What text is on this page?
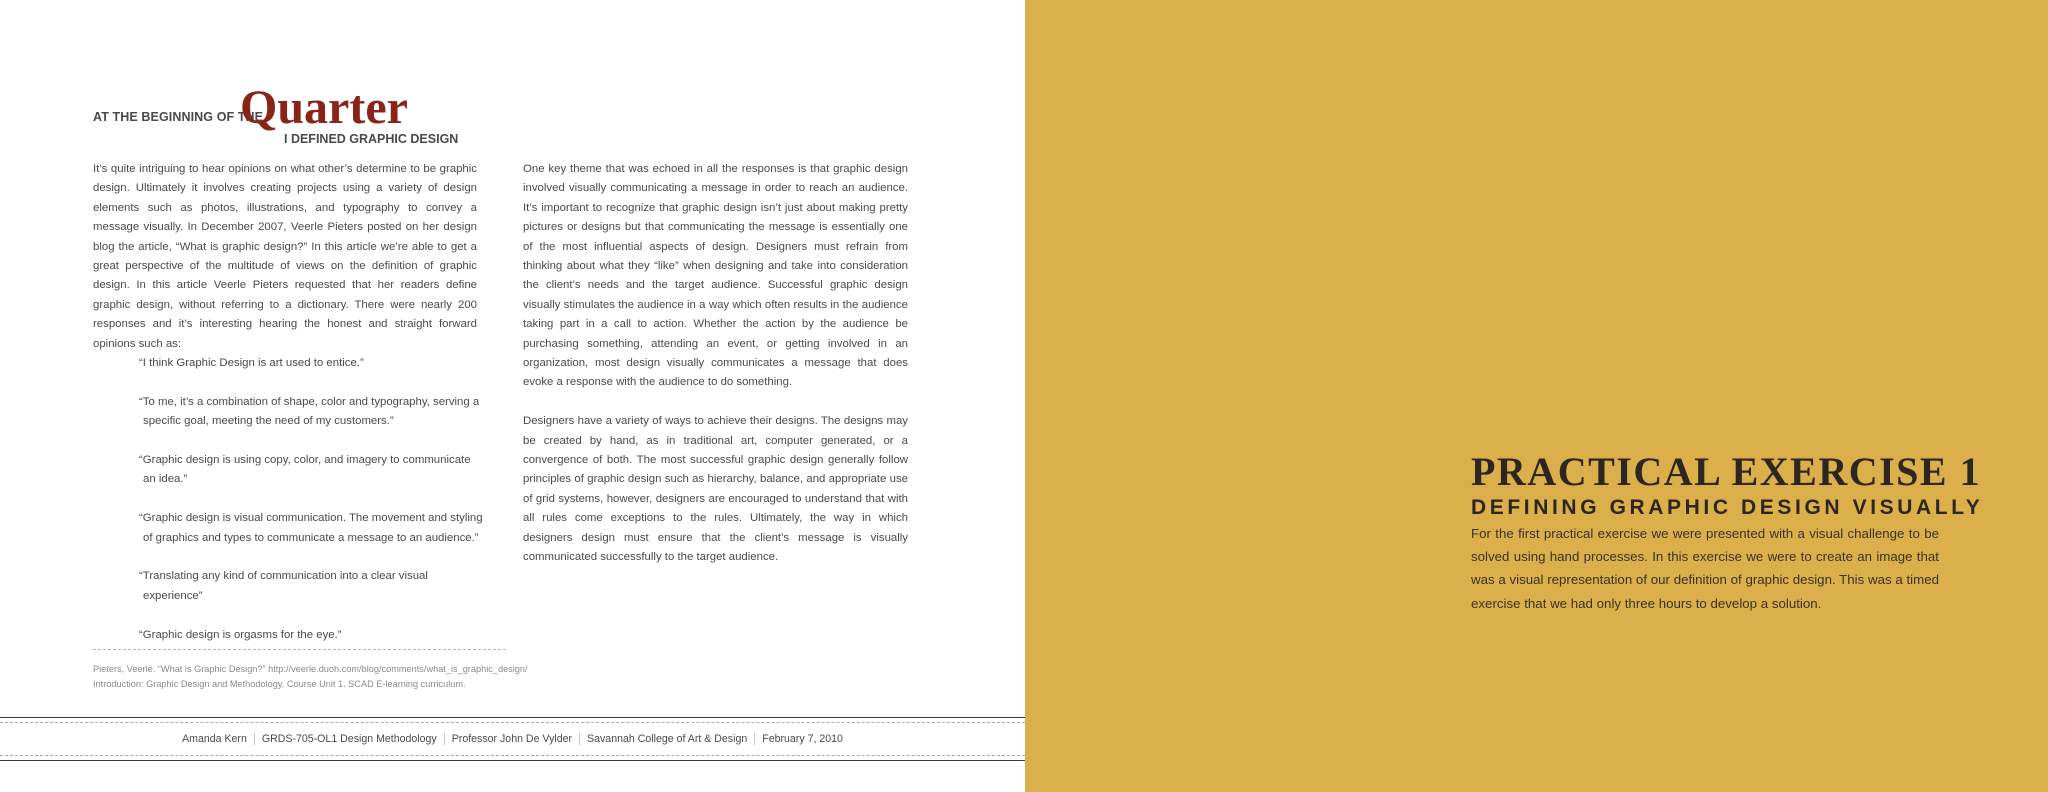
AT THE BEGINNING OF THE
Quarter
I DEFINED GRAPHIC DESIGN

It’s quite intriguing to hear opinions on what other’s determine to be graphic design. Ultimately it involves creating projects using a variety of design elements such as photos, illustrations, and typography to convey a message visually. In December 2007, Veerle Pieters posted on her design blog the article, “What is graphic design?” In this article we’re able to get a great perspective of the multitude of views on the definition of graphic design. In this article Veerle Pieters requested that her readers define graphic design, without referring to a dictionary. There were nearly 200 responses and it’s interesting hearing the honest and straight forward opinions such as:

“I think Graphic Design is art used to entice.”

“To me, it’s a combination of shape, color and typography, serving a specific goal, meeting the need of my customers.”

“Graphic design is using copy, color, and imagery to communicate an idea.”

“Graphic design is visual communication. The movement and styling of graphics and types to communicate a message to an audience.”

“Translating any kind of communication into a clear visual experience”

“Graphic design is orgasms for the eye.”

One key theme that was echoed in all the responses is that graphic design involved visually communicating a message in order to reach an audience. It’s important to recognize that graphic design isn’t just about making pretty pictures or designs but that communicating the message is essentially one of the most influential aspects of design. Designers must refrain from thinking about what they “like” when designing and take into consideration the client’s needs and the target audience. Successful graphic design visually stimulates the audience in a way which often results in the audience taking part in a call to action. Whether the action by the audience be purchasing something, attending an event, or getting involved in an organization, most design visually communicates a message that does evoke a response with the audience to do something.

Designers have a variety of ways to achieve their designs. The designs may be created by hand, as in traditional art, computer generated, or a convergence of both. The most successful graphic design generally follow principles of graphic design such as hierarchy, balance, and appropriate use of grid systems, however, designers are encouraged to understand that with all rules come exceptions to the rules. Ultimately, the way in which designers design must ensure that the client’s message is visually communicated successfully to the target audience.

Pieters, Veerle. “What is Graphic Design?” http://veerle.duoh.com/blog/comments/what_is_graphic_design/
Introduction: Graphic Design and Methodology. Course Unit 1. SCAD E-learning curriculum.
Amanda Kern GRDS-705-OL1 Design Methodology Professor John De Vylder Savannah College of Art & Design February 7, 2010
PRACTICAL EXERCISE 1
DEFINING GRAPHIC DESIGN VISUALLY
For the first practical exercise we were presented with a visual challenge to be solved using hand processes. In this exercise we were to create an image that was a visual representation of our definition of graphic design. This was a timed exercise that we had only three hours to develop a solution.
